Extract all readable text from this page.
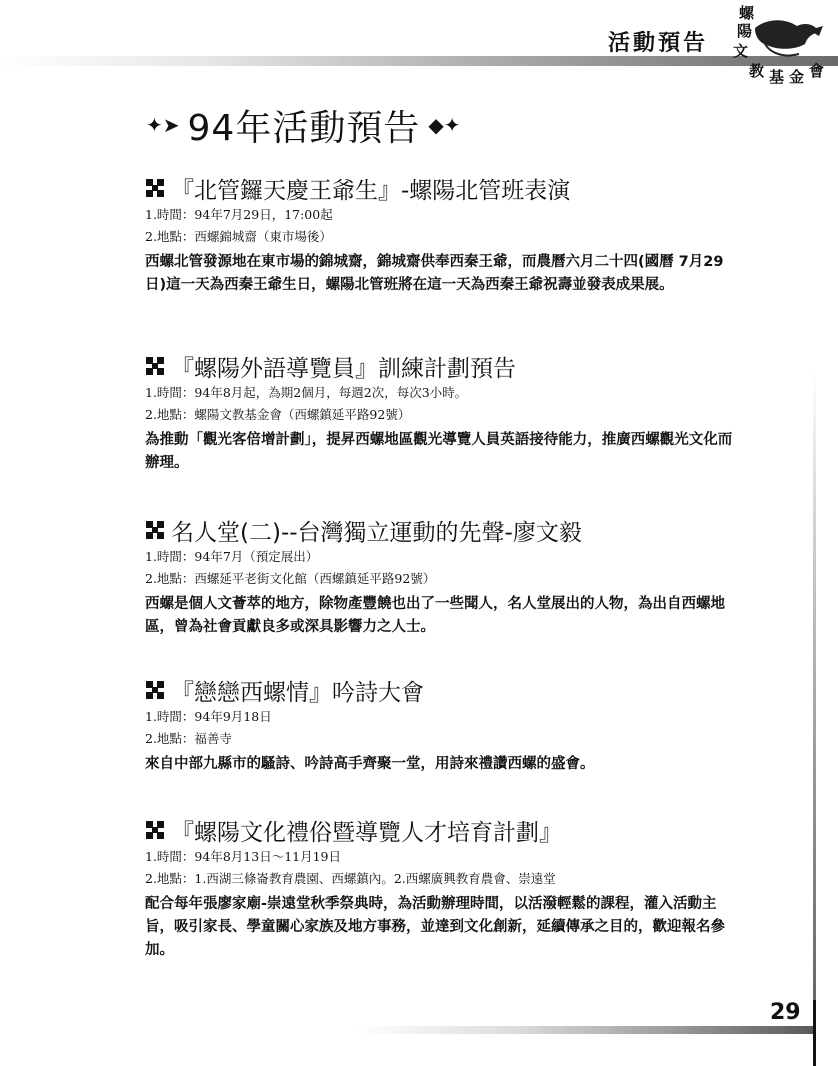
活動預告
螺
陽
文
教 基 金 會
✦➤ 94年活動預告 ◆✦
『北管鑼天慶王爺生』-螺陽北管班表演
1.時間：94年7月29日，17:00起
2.地點：西螺錦城齋（東市場後）
西螺北管發源地在東市場的錦城齋，錦城齋供奉西秦王爺，而農曆六月二十四(國曆 7月29日)這一天為西秦王爺生日，螺陽北管班將在這一天為西秦王爺祝壽並發表成果展。
『螺陽外語導覽員』訓練計劃預告
1.時間：94年8月起，為期2個月，每週2次，每次3小時。
2.地點：螺陽文教基金會（西螺鎮延平路92號）
為推動「觀光客倍增計劃」，提昇西螺地區觀光導覽人員英語接待能力，推廣西螺觀光文化而辦理。
名人堂(二)--台灣獨立運動的先聲-廖文毅
1.時間：94年7月（預定展出）
2.地點：西螺延平老街文化館（西螺鎮延平路92號）
西螺是個人文薈萃的地方，除物產豐饒也出了一些聞人，名人堂展出的人物，為出自西螺地區，曾為社會貢獻良多或深具影響力之人士。
『戀戀西螺情』吟詩大會
1.時間：94年9月18日
2.地點：福善寺
來自中部九縣市的騷詩、吟詩高手齊聚一堂，用詩來禮讚西螺的盛會。
『螺陽文化禮俗暨導覽人才培育計劃』
1.時間：94年8月13日～11月19日
2.地點：1.西湖三條崙教育農園、西螺鎮內。2.西螺廣興教育農會、崇遠堂
配合每年張廖家廟-崇遠堂秋季祭典時，為活動辦理時間，以活潑輕鬆的課程，灌入活動主旨，吸引家長、學童關心家族及地方事務，並達到文化創新，延續傳承之目的，歡迎報名參加。
29
